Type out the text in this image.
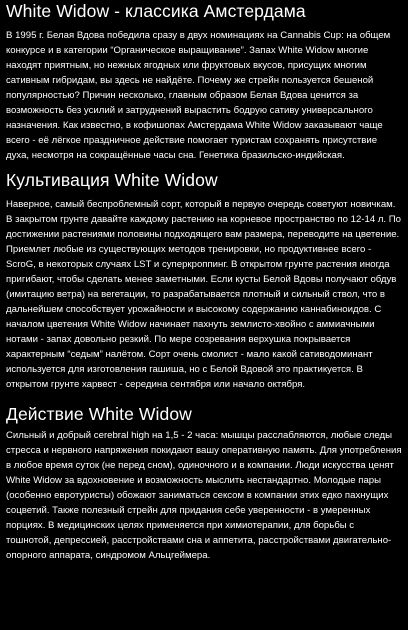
White Widow - классика Амстердама

В 1995 г. Белая Вдова победила сразу в двух номинациях на Cannabis Cup: на общем конкурсе и в категории “Органическое выращивание”. Запах White Widow многие находят приятным, но нежных ягодных или фруктовых вкусов, присущих многим сативным гибридам, вы здесь не найдёте. Почему же стрейн пользуется бешеной популярностью? Причин несколько, главным образом Белая Вдова ценится за возможность без усилий и затруднений вырастить бодрую сативу универсального назначения. Как известно, в кофишопах Амстердама White Widow заказывают чаще всего - её лёгкое праздничное действие помогает туристам сохранять присутствие духа, несмотря на сокращённые часы сна. Генетика бразильско-индийская.

Культивация White Widow

Наверное, самый беспроблемный сорт, который в первую очередь советуют новичкам. В закрытом грунте давайте каждому растению на корневое пространство по 12-14 л. По достижении растениями половины подходящего вам размера, переводите на цветение. Приемлет любые из существующих методов тренировки, но продуктивнее всего - ScroG, в некоторых случаях LST и суперкроппинг. В открытом грунте растения иногда пригибают, чтобы сделать менее заметными. Если кусты Белой Вдовы получают обдув (имитацию ветра) на вегетации, то разрабатывается плотный и сильный ствол, что в дальнейшем способствует урожайности и высокому содержанию каннабиноидов. С началом цветения White Widow начинает пахнуть землисто-хвойно с аммиачными нотами - запах довольно резкий. По мере созревания верхушка покрывается характерным “седым” налётом. Сорт очень смолист - мало какой сативодоминант используется для изготовления гашиша, но с Белой Вдовой это практикуется. В открытом грунте харвест - середина сентября или начало октября.

Действие White Widow

Сильный и добрый cerebral high на 1,5 - 2 часа: мышцы расслабляются, любые следы стресса и нервного напряжения покидают вашу оперативную память. Для употребления в любое время суток (не перед сном), одиночного и в компании. Люди искусства ценят White Widow за вдохновение и возможность мыслить нестандартно. Молодые пары (особенно евротуристы) обожают заниматься сексом в компании этих едко пахнущих соцветий. Также полезный стрейн для придания себе уверенности - в умеренных порциях. В медицинских целях применяется при химиотерапии, для борьбы с тошнотой, депрессией, расстройствами сна и аппетита, расстройствами двигательно-опорного аппарата, синдромом Альцгеймера.
